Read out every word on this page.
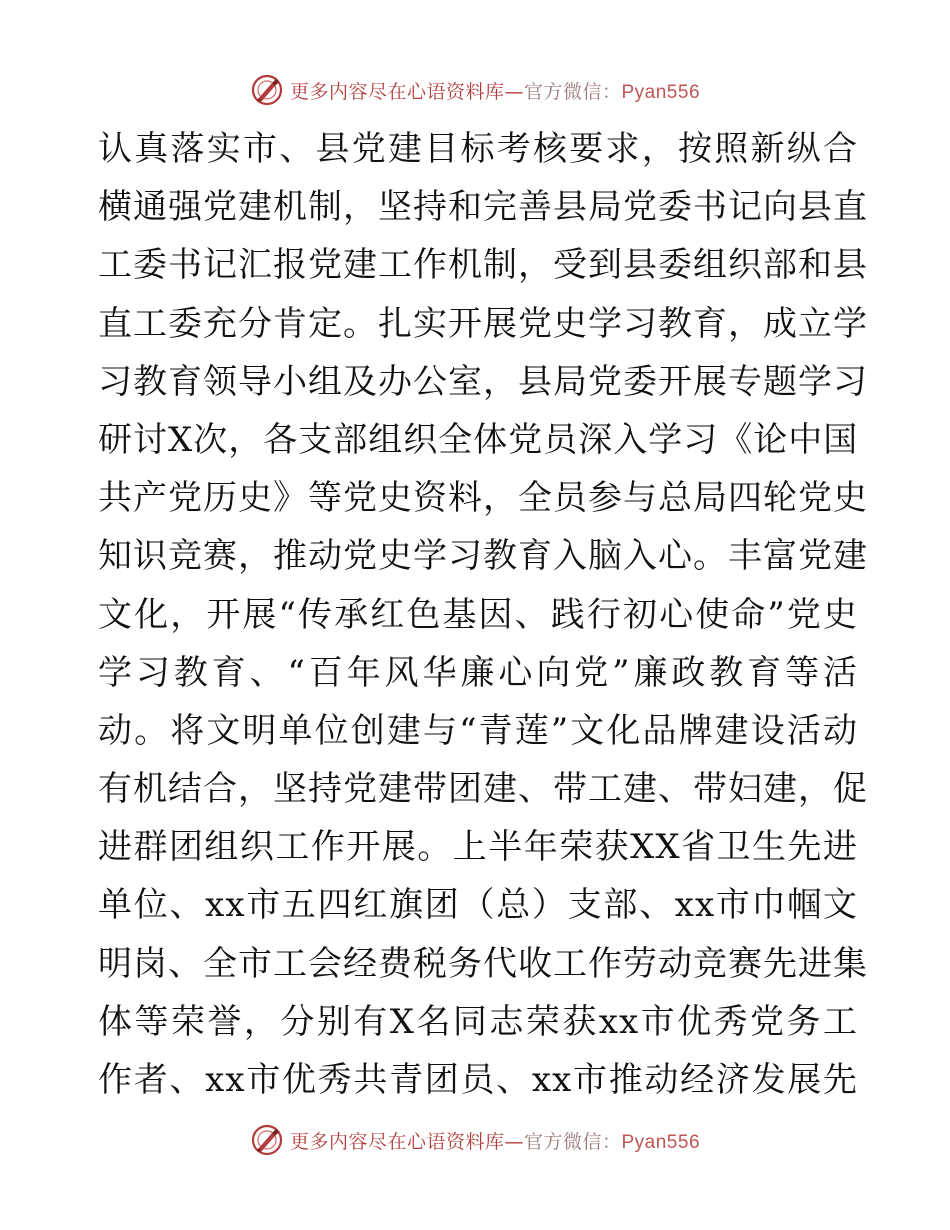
更多内容尽在心语资料库—官方微信：Pyan556
认真落实市、县党建目标考核要求，按照新纵合
横通强党建机制，坚持和完善县局党委书记向县直
工委书记汇报党建工作机制，受到县委组织部和县
直工委充分肯定。扎实开展党史学习教育，成立学
习教育领导小组及办公室，县局党委开展专题学习
研讨X次，各支部组织全体党员深入学习《论中国
共产党历史》等党史资料，全员参与总局四轮党史
知识竞赛，推动党史学习教育入脑入心。丰富党建
文化，开展“传承红色基因、践行初心使命”党史
学习教育、“百年风华廉心向党”廉政教育等活
动。将文明单位创建与“青莲”文化品牌建设活动
有机结合，坚持党建带团建、带工建、带妇建，促
进群团组织工作开展。上半年荣获XX省卫生先进
单位、xx市五四红旗团（总）支部、xx市巾帼文
明岗、全市工会经费税务代收工作劳动竞赛先进集
体等荣誉，分别有X名同志荣获xx市优秀党务工
作者、xx市优秀共青团员、xx市推动经济发展先
更多内容尽在心语资料库—官方微信：Pyan556
